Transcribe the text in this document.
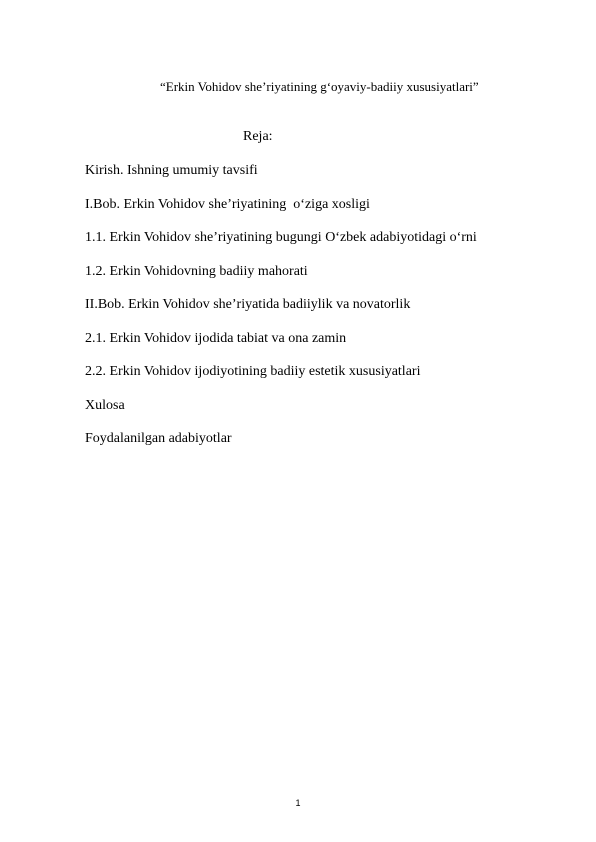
“Erkin Vohidov she’riyatining g‘oyaviy-badiiy xususiyatlari”
Reja:
Kirish. Ishning umumiy tavsifi
I.Bob. Erkin Vohidov she’riyatining  o‘ziga xosligi
1.1. Erkin Vohidov she’riyatining bugungi O‘zbek adabiyotidagi o‘rni
1.2. Erkin Vohidovning badiiy mahorati
II.Bob. Erkin Vohidov she’riyatida badiiylik va novatorlik
2.1. Erkin Vohidov ijodida tabiat va ona zamin
2.2. Erkin Vohidov ijodiyotining badiiy estetik xususiyatlari
Xulosa
Foydalanilgan adabiyotlar
1
